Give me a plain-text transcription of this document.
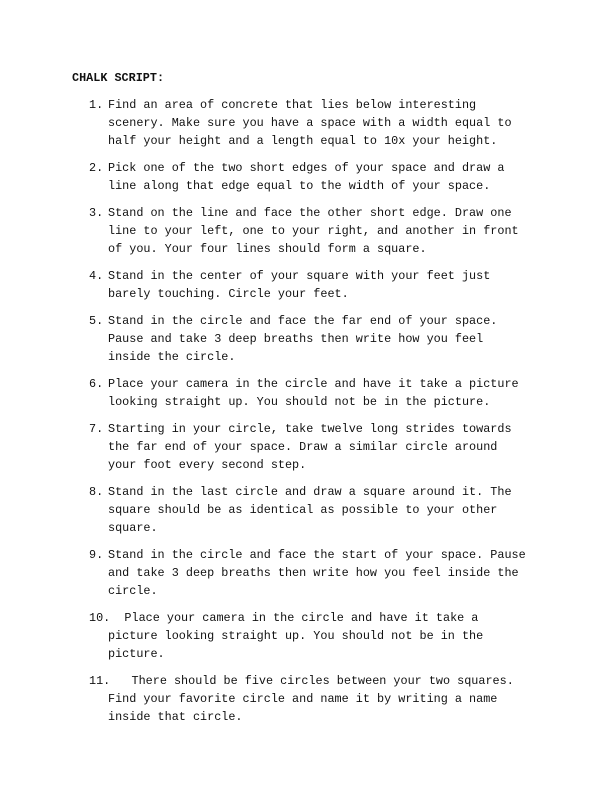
CHALK SCRIPT:

1. Find an area of concrete that lies below interesting
scenery. Make sure you have a space with a width equal to
half your height and a length equal to 10x your height.
2. Pick one of the two short edges of your space and draw a
line along that edge equal to the width of your space.
3. Stand on the line and face the other short edge. Draw one
line to your left, one to your right, and another in front
of you. Your four lines should form a square.
4. Stand in the center of your square with your feet just
barely touching. Circle your feet.
5. Stand in the circle and face the far end of your space.
Pause and take 3 deep breaths then write how you feel
inside the circle.
6. Place your camera in the circle and have it take a picture
looking straight up. You should not be in the picture.
7. Starting in your circle, take twelve long strides towards
the far end of your space. Draw a similar circle around
your foot every second step.
8. Stand in the last circle and draw a square around it. The
square should be as identical as possible to your other
square.
9. Stand in the circle and face the start of your space. Pause
and take 3 deep breaths then write how you feel inside the
circle.
10. Place your camera in the circle and have it take a
picture looking straight up. You should not be in the
picture.
11. There should be five circles between your two squares.
Find your favorite circle and name it by writing a name
inside that circle.
